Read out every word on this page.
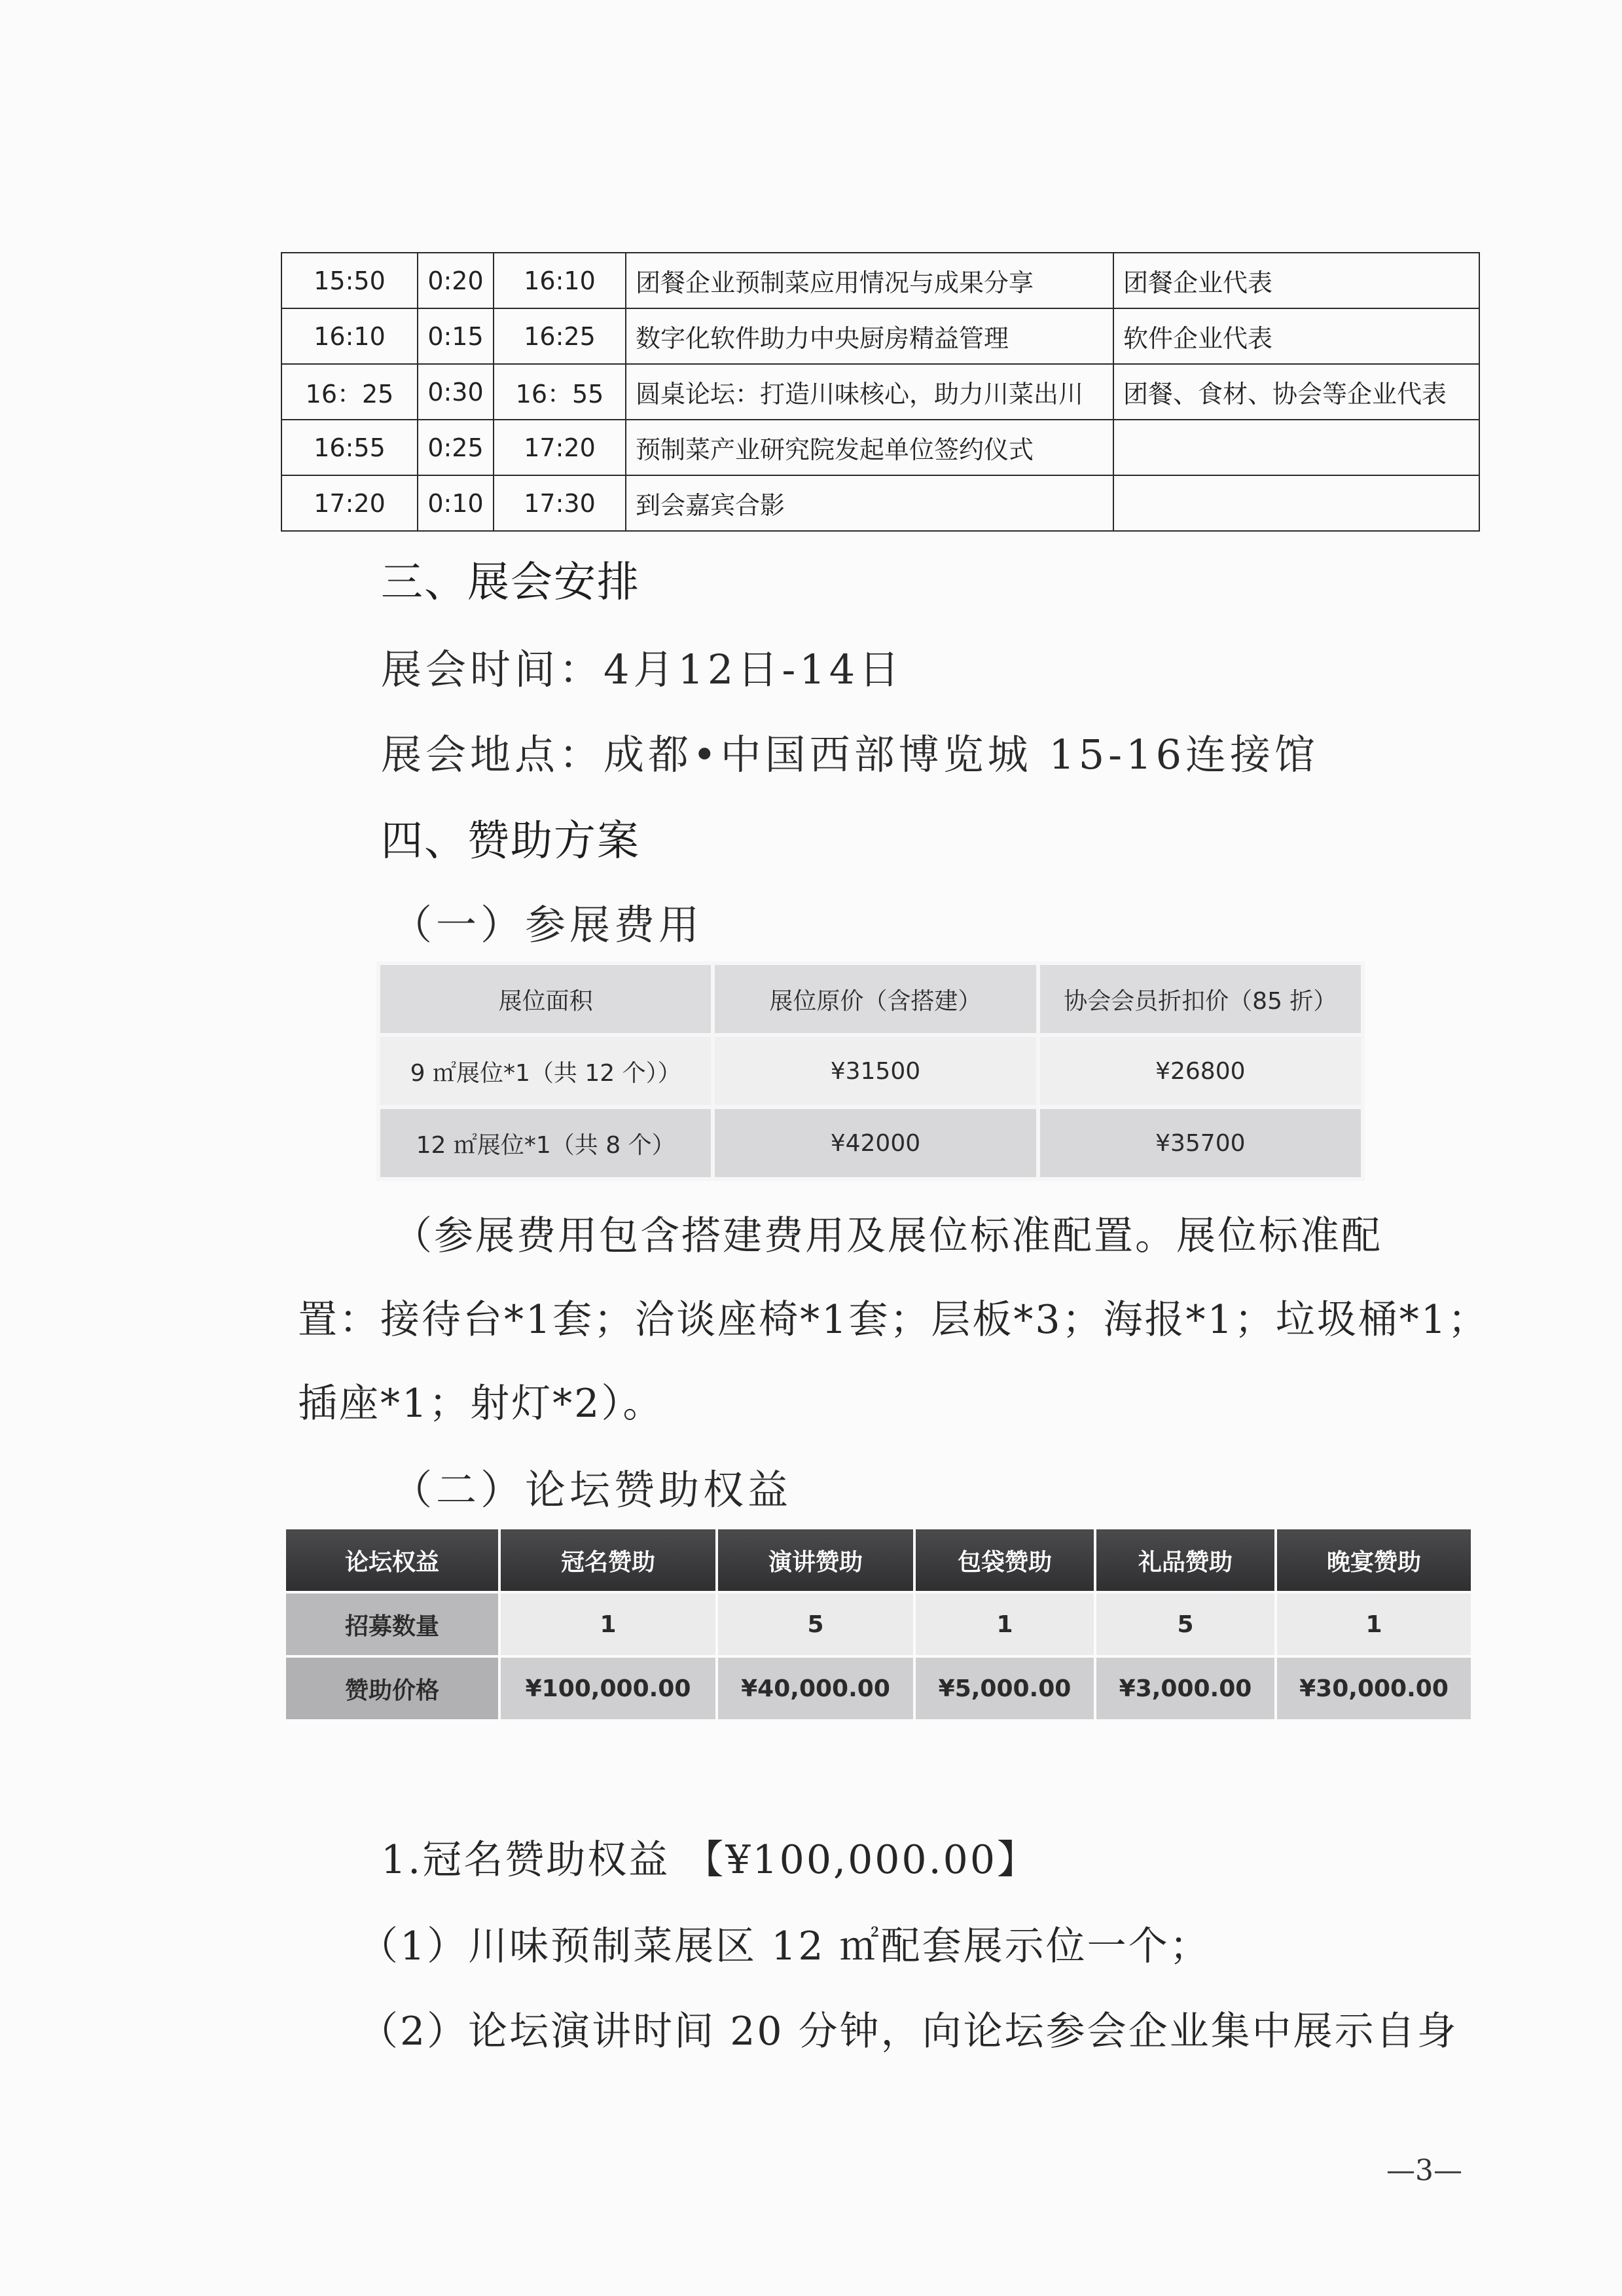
15:50	0:20	16:10	团餐企业预制菜应用情况与成果分享	团餐企业代表
16:10	0:15	16:25	数字化软件助力中央厨房精益管理	软件企业代表
16：25	0:30	16：55	圆桌论坛：打造川味核心，助力川菜出川	团餐、食材、协会等企业代表
16:55	0:25	17:20	预制菜产业研究院发起单位签约仪式	
17:20	0:10	17:30	到会嘉宾合影	
三、展会安排
展会时间：4月12日-14日
展会地点：成都•中国西部博览城 15-16连接馆
四、赞助方案
（一）参展费用
展位面积	展位原价（含搭建）	协会会员折扣价（85 折）
9 ㎡展位*1（共 12 个））	¥31500	¥26800
12 ㎡展位*1（共 8 个）	¥42000	¥35700
（参展费用包含搭建费用及展位标准配置。展位标准配
置：接待台*1套；洽谈座椅*1套；层板*3；海报*1；垃圾桶*1；
插座*1；射灯*2）。
（二）论坛赞助权益
论坛权益	冠名赞助	演讲赞助	包袋赞助	礼品赞助	晚宴赞助
招募数量	1	5	1	5	1
赞助价格	¥100,000.00	¥40,000.00	¥5,000.00	¥3,000.00	¥30,000.00
1.冠名赞助权益 【¥100,000.00】
（1）川味预制菜展区 12 ㎡配套展示位一个；
（2）论坛演讲时间 20 分钟，向论坛参会企业集中展示自身
—3—
